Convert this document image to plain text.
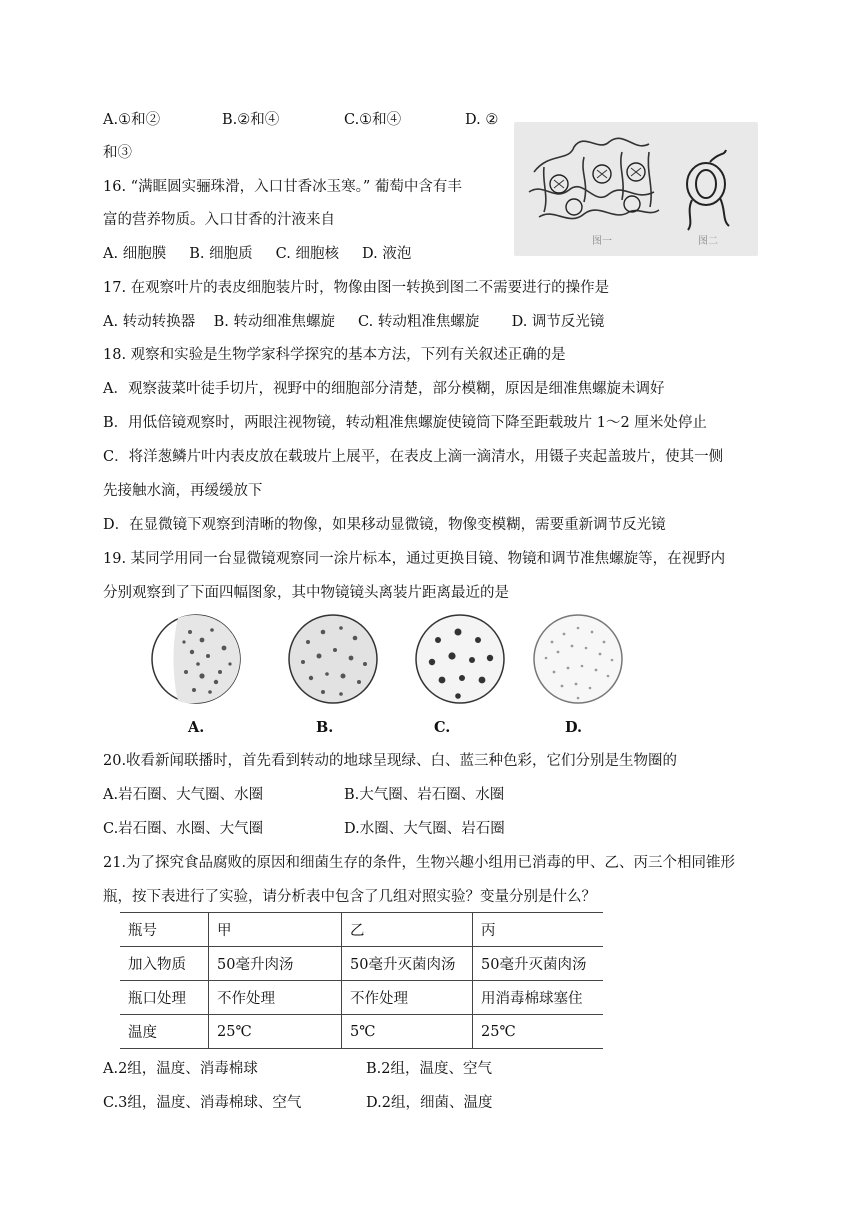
A.①和②	B.②和④	C.①和④	D. ②
和③
图一	图二
16. “满眶圆实骊珠滑，入口甘香冰玉寒。” 葡萄中含有丰
富的营养物质。入口甘香的汁液来自
A. 细胞膜     B. 细胞质     C. 细胞核     D. 液泡
17. 在观察叶片的表皮细胞装片时，物像由图一转换到图二不需要进行的操作是
A. 转动转换器    B. 转动细准焦螺旋     C. 转动粗准焦螺旋       D. 调节反光镜
18. 观察和实验是生物学家科学探究的基本方法，下列有关叙述正确的是
A．观察菠菜叶徒手切片，视野中的细胞部分清楚，部分模糊，原因是细准焦螺旋未调好
B．用低倍镜观察时，两眼注视物镜，转动粗准焦螺旋使镜筒下降至距载玻片 1～2 厘米处停止
C．将洋葱鳞片叶内表皮放在载玻片上展平，在表皮上滴一滴清水，用镊子夹起盖玻片，使其一侧
先接触水滴，再缓缓放下
D．在显微镜下观察到清晰的物像，如果移动显微镜，物像变模糊，需要重新调节反光镜
19. 某同学用同一台显微镜观察同一涂片标本，通过更换目镜、物镜和调节准焦螺旋等，在视野内
分别观察到了下面四幅图象，其中物镜镜头离装片距离最近的是
A.	B.	C.	D.
20.收看新闻联播时，首先看到转动的地球呈现绿、白、蓝三种色彩，它们分别是生物圈的
A.岩石圈、大气圈、水圈	B.大气圈、岩石圈、水圈
C.岩石圈、水圈、大气圈	D.水圈、大气圈、岩石圈
21.为了探究食品腐败的原因和细菌生存的条件，生物兴趣小组用已消毒的甲、乙、丙三个相同锥形
瓶，按下表进行了实验，请分析表中包含了几组对照实验？变量分别是什么？
瓶号	甲	乙	丙
加入物质	50毫升肉汤	50毫升灭菌肉汤	50毫升灭菌肉汤
瓶口处理	不作处理	不作处理	用消毒棉球塞住
温度	25℃	5℃	25℃
A.2组，温度、消毒棉球	B.2组，温度、空气
C.3组，温度、消毒棉球、空气	D.2组，细菌、温度
